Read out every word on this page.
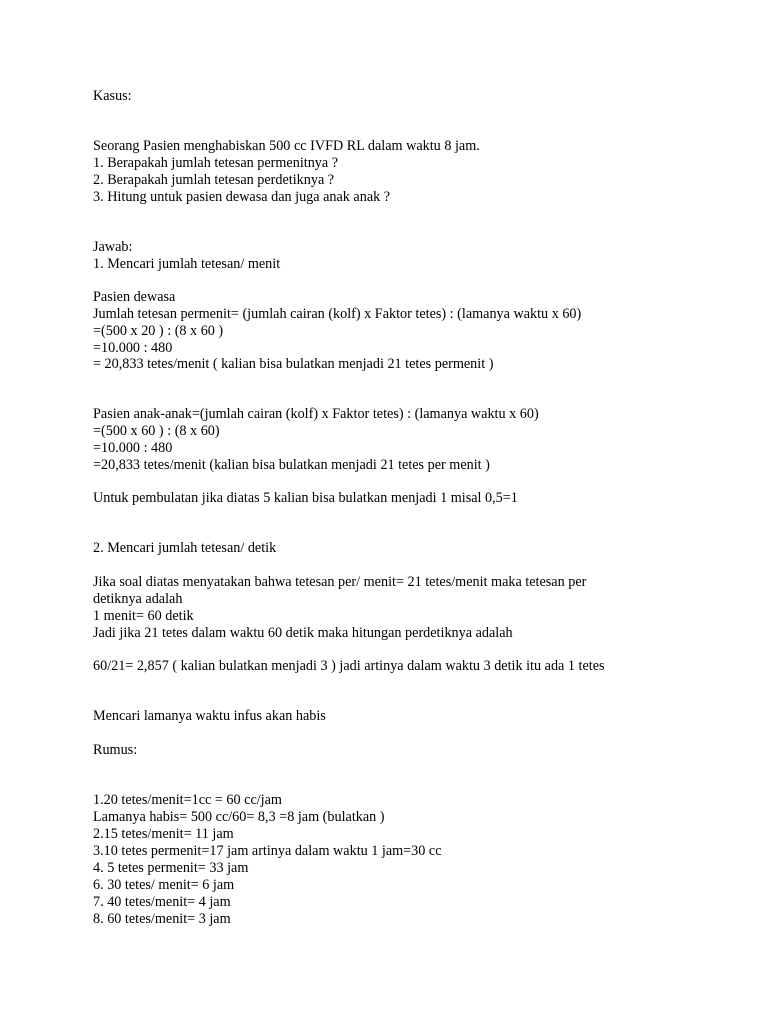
Kasus:
Seorang Pasien menghabiskan 500 cc IVFD RL dalam waktu 8 jam.
1. Berapakah jumlah tetesan permenitnya ?
2. Berapakah jumlah tetesan perdetiknya ?
3. Hitung untuk pasien dewasa dan juga anak anak ?
Jawab:
1. Mencari jumlah tetesan/ menit
Pasien dewasa
Jumlah tetesan permenit= (jumlah cairan (kolf) x Faktor tetes) : (lamanya waktu x 60)
=(500 x 20 ) : (8 x 60 )
=10.000 : 480
= 20,833 tetes/menit ( kalian bisa bulatkan menjadi 21 tetes permenit )
Pasien anak-anak=(jumlah cairan (kolf) x Faktor tetes) : (lamanya waktu x 60)
=(500 x 60 ) : (8 x 60)
=10.000 : 480
=20,833 tetes/menit (kalian bisa bulatkan menjadi 21 tetes per menit )
Untuk pembulatan jika diatas 5 kalian bisa bulatkan menjadi 1 misal 0,5=1
2. Mencari jumlah tetesan/ detik
Jika soal diatas menyatakan bahwa tetesan per/ menit= 21 tetes/menit maka tetesan per
detiknya adalah
1 menit= 60 detik
Jadi jika 21 tetes dalam waktu 60 detik maka hitungan perdetiknya adalah
60/21= 2,857 ( kalian bulatkan menjadi 3 ) jadi artinya dalam waktu 3 detik itu ada 1 tetes
Mencari lamanya waktu infus akan habis
Rumus:
1.20 tetes/menit=1cc = 60 cc/jam
Lamanya habis= 500 cc/60= 8,3 =8 jam (bulatkan )
2.15 tetes/menit= 11 jam
3.10 tetes permenit=17 jam artinya dalam waktu 1 jam=30 cc
4. 5 tetes permenit= 33 jam
6. 30 tetes/ menit= 6 jam
7. 40 tetes/menit= 4 jam
8. 60 tetes/menit= 3 jam
